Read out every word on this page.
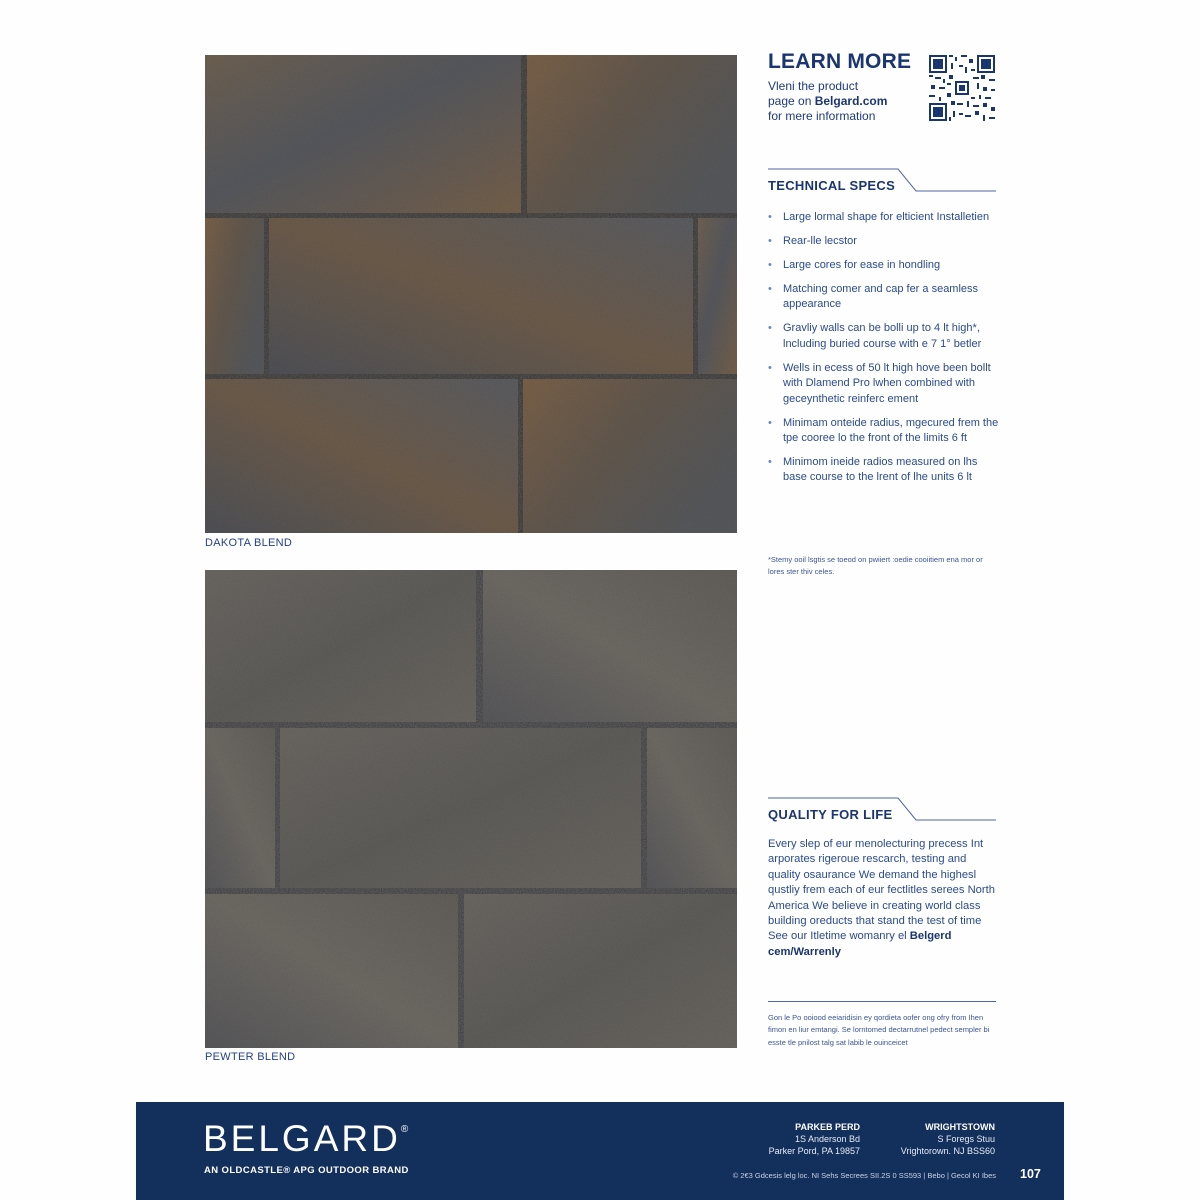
DAKOTA BLEND
PEWTER BLEND
LEARN MORE
Vleni the product
page on Belgard.com
for mere information
TECHNICAL SPECS
• Large lormal shape for elticient Installetien
• Rear-lle lecstor
• Large cores for ease in hondling
• Matching comer and cap fer a seamless appearance
• Gravliy walls can be bolli up to 4 lt high*, lncluding buried course with e 7 1° betler
• Wells in ecess of 50 lt high hove been bollt with Dlamend Pro lwhen combined with geceynthetic reinferc ement
• Minimam onteide radius, mgecured frem the tpe cooree lo the front of the limits 6 ft
• Minimom ineide radios measured on lhs base course to the lrent of lhe units 6 lt
*Stemy ooil lsgtis se toeod on pwiiert :oedie cooiitiem ena mor or lores ster thiv celes.
QUALITY FOR LIFE
Every slep of eur menolecturing precess Int arporates rigeroue rescarch, testing and quality osaurance We demand the highesl qustliy frem each of eur fectlitles serees North America We believe in creating world class building oreducts that stand the test of time See our Itletime womanry el Belgerd cem/Warrenly
Gon le Po ooiood eeiaridisin ey qordieta oofer ong ofry from Ihen fimon en liur emtangi. Se lorntomed dectarrutnel pedect sempler bi esste tle pnilost talg sat labib le ouinceicet
BELGARD®
AN OLDCASTLE® APG OUTDOOR BRAND
PARKEB PERD
1S Anderson Bd
Parker Pord, PA 19857
WRIGHTSTOWN
S Foregs Stuu
Vrightorown. NJ BSS60
© 2€3 Gdcesis lelg loc. NI Sehs Secrees SII.2S 0 SS593 | Bebo | Gecol KI Ibes 107
